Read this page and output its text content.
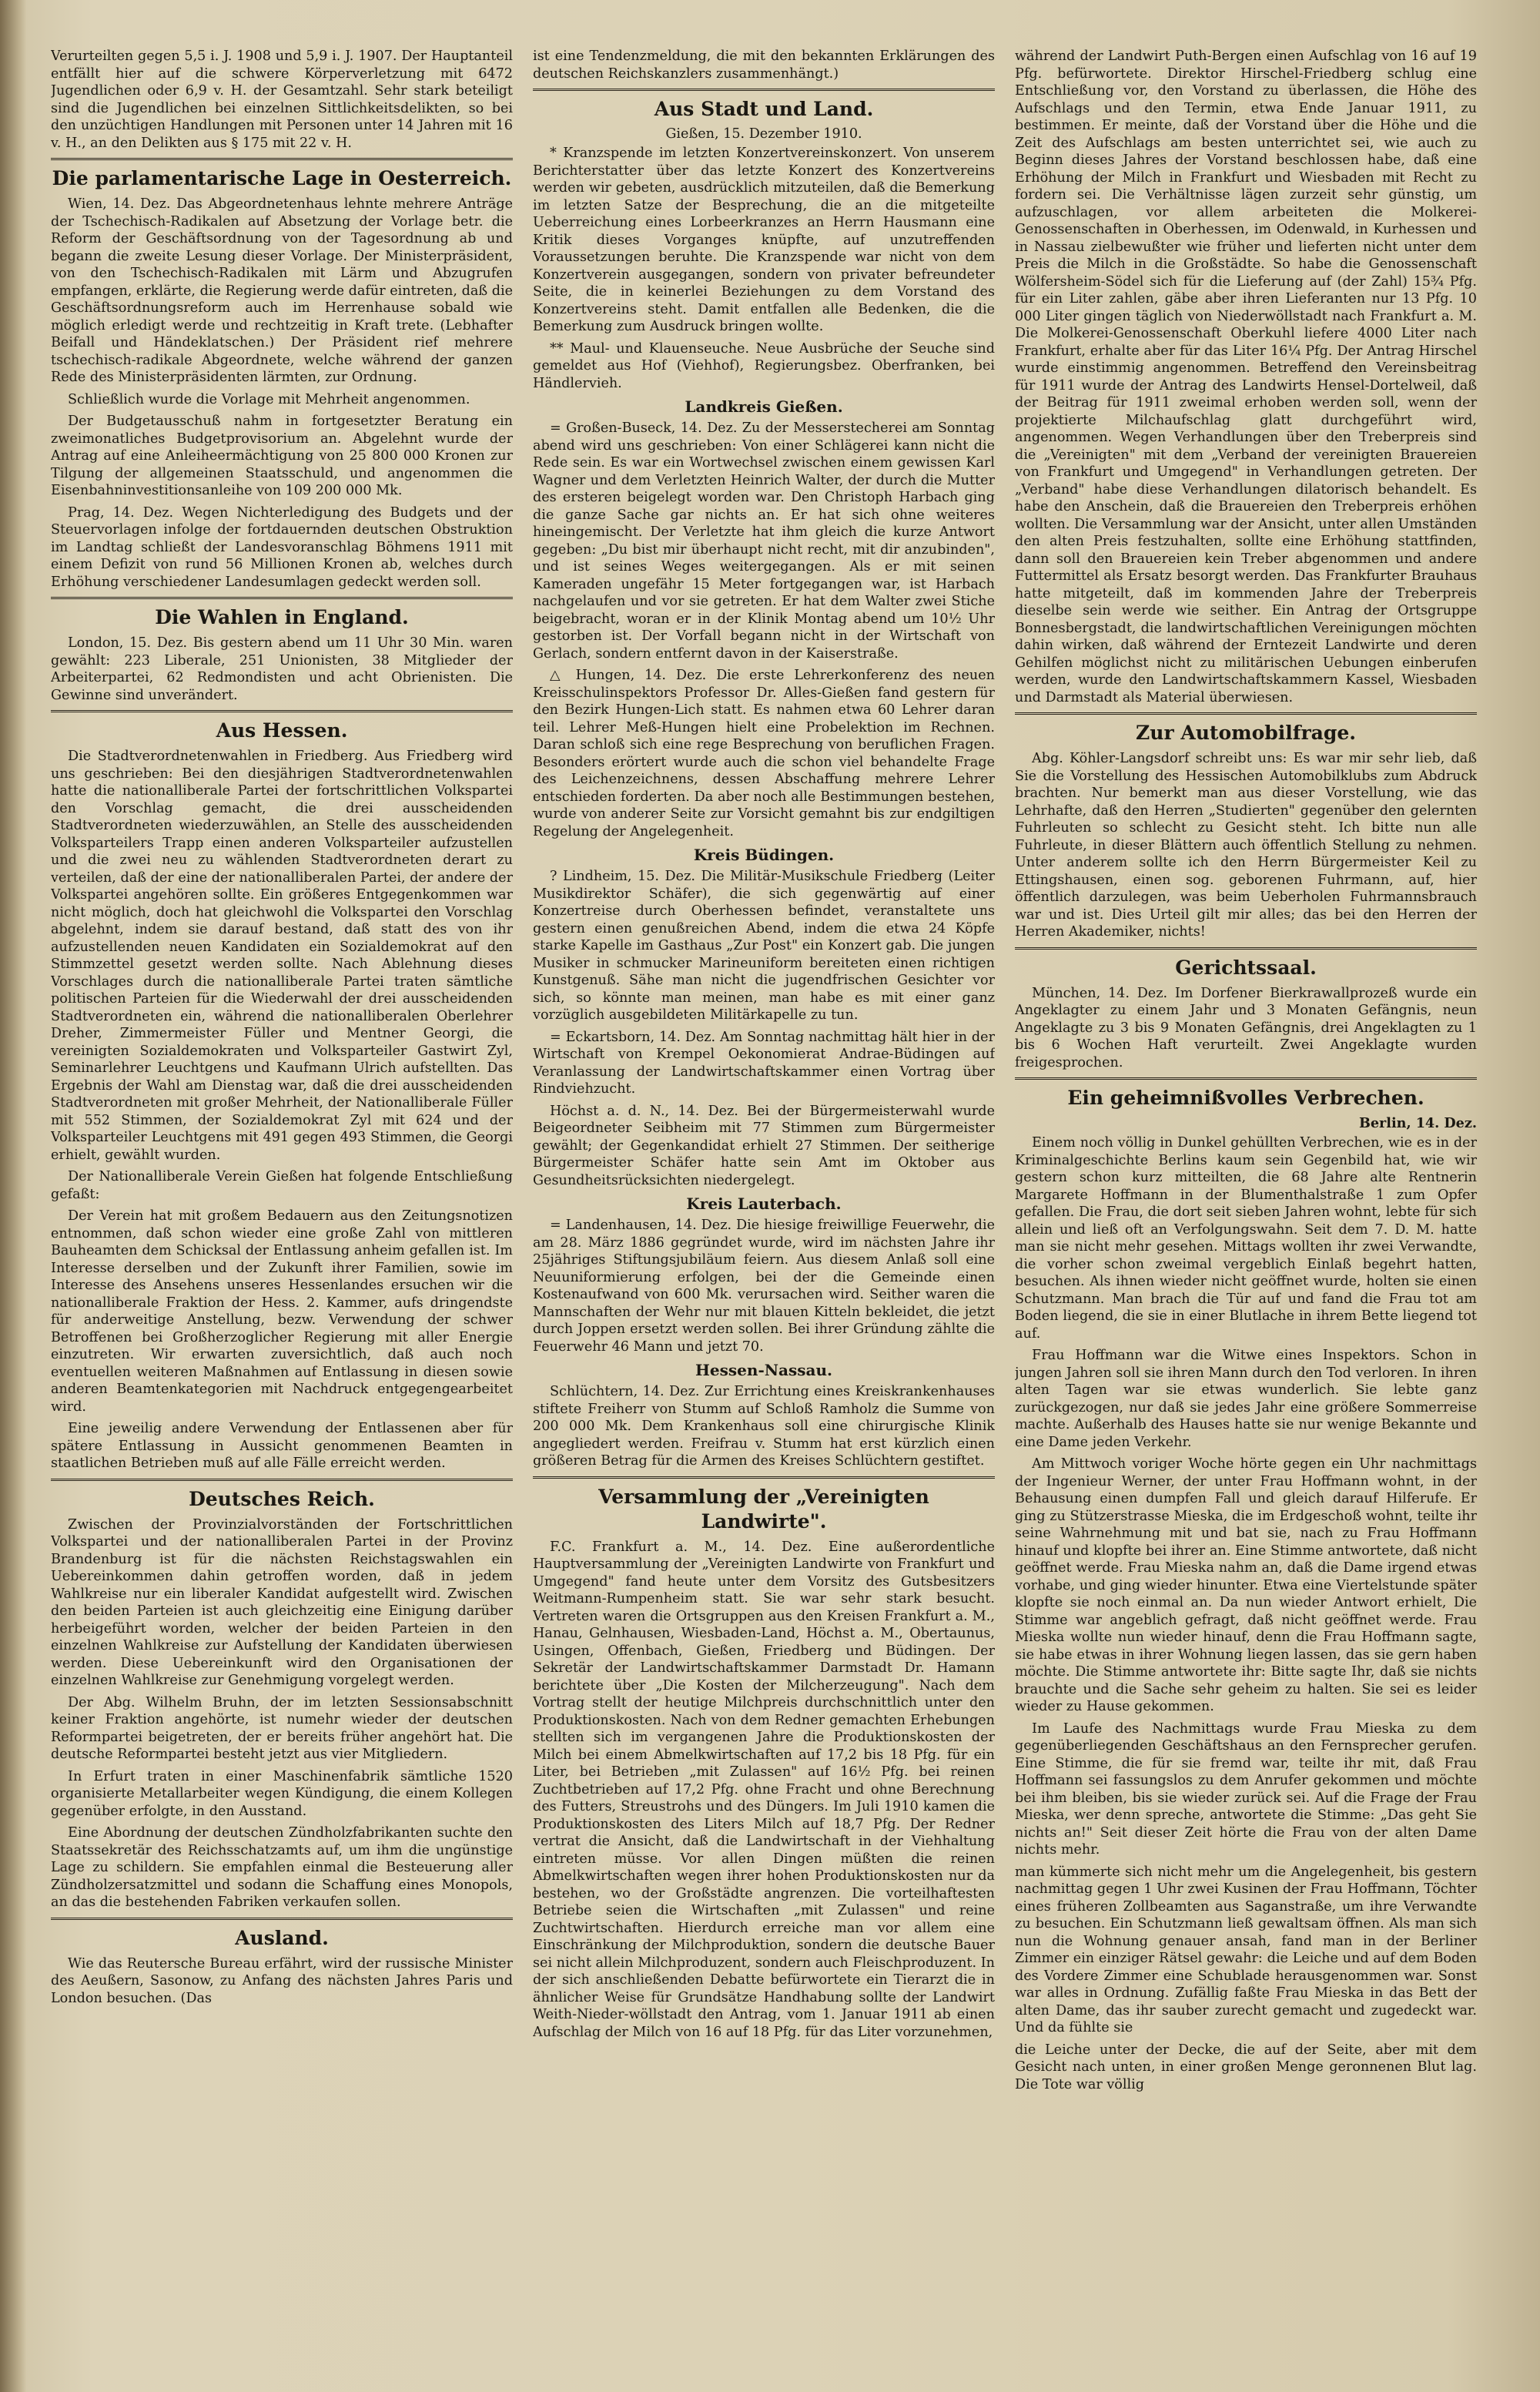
Verurteilten gegen 5,5 i. J. 1908 und 5,9 i. J. 1907. Der Hauptanteil entfällt hier auf die schwere Körperverletzung mit 6472 Jugendlichen oder 6,9 v. H. der Gesamtzahl. Sehr stark beteiligt sind die Jugendlichen bei einzelnen Sittlichkeitsdelikten, so bei den unzüchtigen Handlungen mit Personen unter 14 Jahren mit 16 v. H., an den Delikten aus § 175 mit 22 v. H.

Die parlamentarische Lage in Oesterreich.

Wien, 14. Dez. Das Abgeordnetenhaus lehnte mehrere Anträge der Tschechisch-Radikalen auf Absetzung der Vorlage betr. die Reform der Geschäftsordnung von der Tagesordnung ab und begann die zweite Lesung dieser Vorlage. Der Ministerpräsident, von den Tschechisch-Radikalen mit Lärm und Abzugrufen empfangen, erklärte, die Regierung werde dafür eintreten, daß die Geschäftsordnungsreform auch im Herrenhause sobald wie möglich erledigt werde und rechtzeitig in Kraft trete. (Lebhafter Beifall und Händeklatschen.) Der Präsident rief mehrere tschechisch-radikale Abgeordnete, welche während der ganzen Rede des Ministerpräsidenten lärmten, zur Ordnung.

Schließlich wurde die Vorlage mit Mehrheit angenommen.

Der Budgetausschuß nahm in fortgesetzter Beratung ein zweimonatliches Budgetprovisorium an. Abgelehnt wurde der Antrag auf eine Anleiheermächtigung von 25 800 000 Kronen zur Tilgung der allgemeinen Staatsschuld, und angenommen die Eisenbahninvestitionsanleihe von 109 200 000 Mk.

Prag, 14. Dez. Wegen Nichterledigung des Budgets und der Steuervorlagen infolge der fortdauernden deutschen Obstruktion im Landtag schließt der Landesvoranschlag Böhmens 1911 mit einem Defizit von rund 56 Millionen Kronen ab, welches durch Erhöhung verschiedener Landesumlagen gedeckt werden soll.

Die Wahlen in England.

London, 15. Dez. Bis gestern abend um 11 Uhr 30 Min. waren gewählt: 223 Liberale, 251 Unionisten, 38 Mitglieder der Arbeiterpartei, 62 Redmondisten und acht Obrienisten. Die Gewinne sind unverändert.

Aus Hessen.

Die Stadtverordnetenwahlen in Friedberg. Aus Friedberg wird uns geschrieben: Bei den diesjährigen Stadtverordnetenwahlen hatte die nationalliberale Partei der fortschrittlichen Volkspartei den Vorschlag gemacht, die drei ausscheidenden Stadtverordneten wiederzuwählen, an Stelle des ausscheidenden Volksparteilers Trapp einen anderen Volksparteiler aufzustellen und die zwei neu zu wählenden Stadtverordneten derart zu verteilen, daß der eine der nationalliberalen Partei, der andere der Volkspartei angehören sollte. Ein größeres Entgegenkommen war nicht möglich, doch hat gleichwohl die Volkspartei den Vorschlag abgelehnt, indem sie darauf bestand, daß statt des von ihr aufzustellenden neuen Kandidaten ein Sozialdemokrat auf den Stimmzettel gesetzt werden sollte. Nach Ablehnung dieses Vorschlages durch die nationalliberale Partei traten sämtliche politischen Parteien für die Wiederwahl der drei ausscheidenden Stadtverordneten ein, während die nationalliberalen Oberlehrer Dreher, Zimmermeister Füller und Mentner Georgi, die vereinigten Sozialdemokraten und Volksparteiler Gastwirt Zyl, Seminarlehrer Leuchtgens und Kaufmann Ulrich aufstellten. Das Ergebnis der Wahl am Dienstag war, daß die drei ausscheidenden Stadtverordneten mit großer Mehrheit, der Nationalliberale Füller mit 552 Stimmen, der Sozialdemokrat Zyl mit 624 und der Volksparteiler Leuchtgens mit 491 gegen 493 Stimmen, die Georgi erhielt, gewählt wurden.

Der Nationalliberale Verein Gießen hat folgende Entschließung gefaßt:

Der Verein hat mit großem Bedauern aus den Zeitungsnotizen entnommen, daß schon wieder eine große Zahl von mittleren Bauheamten dem Schicksal der Entlassung anheim gefallen ist. Im Interesse derselben und der Zukunft ihrer Familien, sowie im Interesse des Ansehens unseres Hessenlandes ersuchen wir die nationalliberale Fraktion der Hess. 2. Kammer, aufs dringendste für anderweitige Anstellung, bezw. Verwendung der schwer Betroffenen bei Großherzoglicher Regierung mit aller Energie einzutreten. Wir erwarten zuversichtlich, daß auch noch eventuellen weiteren Maßnahmen auf Entlassung in diesen sowie anderen Beamtenkategorien mit Nachdruck entgegengearbeitet wird.

Eine jeweilig andere Verwendung der Entlassenen aber für spätere Entlassung in Aussicht genommenen Beamten in staatlichen Betrieben muß auf alle Fälle erreicht werden.

Deutsches Reich.

Zwischen der Provinzialvorständen der Fortschrittlichen Volkspartei und der nationalliberalen Partei in der Provinz Brandenburg ist für die nächsten Reichstagswahlen ein Uebereinkommen dahin getroffen worden, daß in jedem Wahlkreise nur ein liberaler Kandidat aufgestellt wird. Zwischen den beiden Parteien ist auch gleichzeitig eine Einigung darüber herbeigeführt worden, welcher der beiden Parteien in den einzelnen Wahlkreise zur Aufstellung der Kandidaten überwiesen werden. Diese Uebereinkunft wird den Organisationen der einzelnen Wahlkreise zur Genehmigung vorgelegt werden.

Der Abg. Wilhelm Bruhn, der im letzten Sessionsabschnitt keiner Fraktion angehörte, ist numehr wieder der deutschen Reformpartei beigetreten, der er bereits früher angehört hat. Die deutsche Reformpartei besteht jetzt aus vier Mitgliedern.

In Erfurt traten in einer Maschinenfabrik sämtliche 1520 organisierte Metallarbeiter wegen Kündigung, die einem Kollegen gegenüber erfolgte, in den Ausstand.

Eine Abordnung der deutschen Zündholzfabrikanten suchte den Staatssekretär des Reichsschatzamts auf, um ihm die ungünstige Lage zu schildern. Sie empfahlen einmal die Besteuerung aller Zündholzersatzmittel und sodann die Schaffung eines Monopols, an das die bestehenden Fabriken verkaufen sollen.

Ausland.

Wie das Reutersche Bureau erfährt, wird der russische Minister des Aeußern, Sasonow, zu Anfang des nächsten Jahres Paris und London besuchen. (Das

ist eine Tendenzmeldung, die mit den bekannten Erklärungen des deutschen Reichskanzlers zusammenhängt.)

Aus Stadt und Land.
Gießen, 15. Dezember 1910.

* Kranzspende im letzten Konzertvereinskonzert. Von unserem Berichterstatter über das letzte Konzert des Konzertvereins werden wir gebeten, ausdrücklich mitzuteilen, daß die Bemerkung im letzten Satze der Besprechung, die an die mitgeteilte Ueberreichung eines Lorbeerkranzes an Herrn Hausmann eine Kritik dieses Vorganges knüpfte, auf unzutreffenden Voraussetzungen beruhte. Die Kranzspende war nicht von dem Konzertverein ausgegangen, sondern von privater befreundeter Seite, die in keinerlei Beziehungen zu dem Vorstand des Konzertvereins steht. Damit entfallen alle Bedenken, die die Bemerkung zum Ausdruck bringen wollte.

** Maul- und Klauenseuche. Neue Ausbrüche der Seuche sind gemeldet aus Hof (Viehhof), Regierungsbez. Oberfranken, bei Händlervieh.

Landkreis Gießen.

= Großen-Buseck, 14. Dez. Zu der Messerstecherei am Sonntag abend wird uns geschrieben: Von einer Schlägerei kann nicht die Rede sein. Es war ein Wortwechsel zwischen einem gewissen Karl Wagner und dem Verletzten Heinrich Walter, der durch die Mutter des ersteren beigelegt worden war. Den Christoph Harbach ging die ganze Sache gar nichts an. Er hat sich ohne weiteres hineingemischt. Der Verletzte hat ihm gleich die kurze Antwort gegeben: „Du bist mir überhaupt nicht recht, mit dir anzubinden", und ist seines Weges weitergegangen. Als er mit seinen Kameraden ungefähr 15 Meter fortgegangen war, ist Harbach nachgelaufen und vor sie getreten. Er hat dem Walter zwei Stiche beigebracht, woran er in der Klinik Montag abend um 10½ Uhr gestorben ist. Der Vorfall begann nicht in der Wirtschaft von Gerlach, sondern entfernt davon in der Kaiserstraße.

△ Hungen, 14. Dez. Die erste Lehrerkonferenz des neuen Kreisschulinspektors Professor Dr. Alles-Gießen fand gestern für den Bezirk Hungen-Lich statt. Es nahmen etwa 60 Lehrer daran teil. Lehrer Meß-Hungen hielt eine Probelektion im Rechnen. Daran schloß sich eine rege Besprechung von beruflichen Fragen. Besonders erörtert wurde auch die schon viel behandelte Frage des Leichenzeichnens, dessen Abschaffung mehrere Lehrer entschieden forderten. Da aber noch alle Bestimmungen bestehen, wurde von anderer Seite zur Vorsicht gemahnt bis zur endgiltigen Regelung der Angelegenheit.

Kreis Büdingen.

? Lindheim, 15. Dez. Die Militär-Musikschule Friedberg (Leiter Musikdirektor Schäfer), die sich gegenwärtig auf einer Konzertreise durch Oberhessen befindet, veranstaltete uns gestern einen genußreichen Abend, indem die etwa 24 Köpfe starke Kapelle im Gasthaus „Zur Post" ein Konzert gab. Die jungen Musiker in schmucker Marineuniform bereiteten einen richtigen Kunstgenuß. Sähe man nicht die jugendfrischen Gesichter vor sich, so könnte man meinen, man habe es mit einer ganz vorzüglich ausgebildeten Militärkapelle zu tun.

= Eckartsborn, 14. Dez. Am Sonntag nachmittag hält hier in der Wirtschaft von Krempel Oekonomierat Andrae-Büdingen auf Veranlassung der Landwirtschaftskammer einen Vortrag über Rindviehzucht.

Höchst a. d. N., 14. Dez. Bei der Bürgermeisterwahl wurde Beigeordneter Seibheim mit 77 Stimmen zum Bürgermeister gewählt; der Gegenkandidat erhielt 27 Stimmen. Der seitherige Bürgermeister Schäfer hatte sein Amt im Oktober aus Gesundheitsrücksichten niedergelegt.

Kreis Lauterbach.

= Landenhausen, 14. Dez. Die hiesige freiwillige Feuerwehr, die am 28. März 1886 gegründet wurde, wird im nächsten Jahre ihr 25jähriges Stiftungsjubiläum feiern. Aus diesem Anlaß soll eine Neuuniformierung erfolgen, bei der die Gemeinde einen Kostenaufwand von 600 Mk. verursachen wird. Seither waren die Mannschaften der Wehr nur mit blauen Kitteln bekleidet, die jetzt durch Joppen ersetzt werden sollen. Bei ihrer Gründung zählte die Feuerwehr 46 Mann und jetzt 70.

Hessen-Nassau.

Schlüchtern, 14. Dez. Zur Errichtung eines Kreiskrankenhauses stiftete Freiherr von Stumm auf Schloß Ramholz die Summe von 200 000 Mk. Dem Krankenhaus soll eine chirurgische Klinik angegliedert werden. Freifrau v. Stumm hat erst kürzlich einen größeren Betrag für die Armen des Kreises Schlüchtern gestiftet.

Versammlung der „Vereinigten Landwirte".

F.C. Frankfurt a. M., 14. Dez. Eine außerordentliche Hauptversammlung der „Vereinigten Landwirte von Frankfurt und Umgegend" fand heute unter dem Vorsitz des Gutsbesitzers Weitmann-Rumpenheim statt. Sie war sehr stark besucht. Vertreten waren die Ortsgruppen aus den Kreisen Frankfurt a. M., Hanau, Gelnhausen, Wiesbaden-Land, Höchst a. M., Obertaunus, Usingen, Offenbach, Gießen, Friedberg und Büdingen. Der Sekretär der Landwirtschaftskammer Darmstadt Dr. Hamann berichtete über „Die Kosten der Milcherzeugung". Nach dem Vortrag stellt der heutige Milchpreis durchschnittlich unter den Produktionskosten. Nach von dem Redner gemachten Erhebungen stellten sich im vergangenen Jahre die Produktionskosten der Milch bei einem Abmelkwirtschaften auf 17,2 bis 18 Pfg. für ein Liter, bei Betrieben „mit Zulassen" auf 16½ Pfg. bei reinen Zuchtbetrieben auf 17,2 Pfg. ohne Fracht und ohne Berechnung des Futters, Streustrohs und des Düngers. Im Juli 1910 kamen die Produktionskosten des Liters Milch auf 18,7 Pfg. Der Redner vertrat die Ansicht, daß die Landwirtschaft in der Viehhaltung eintreten müsse. Vor allen Dingen müßten die reinen Abmelkwirtschaften wegen ihrer hohen Produktionskosten nur da bestehen, wo der Großstädte angrenzen. Die vorteilhaftesten Betriebe seien die Wirtschaften „mit Zulassen" und reine Zuchtwirtschaften. Hierdurch erreiche man vor allem eine Einschränkung der Milchproduktion, sondern die deutsche Bauer sei nicht allein Milchproduzent, sondern auch Fleischproduzent. In der sich anschließenden Debatte befürwortete ein Tierarzt die in ähnlicher Weise für Grundsätze Handhabung sollte der Landwirt Weith-Nieder-wöllstadt den Antrag, vom 1. Januar 1911 ab einen Aufschlag der Milch von 16 auf 18 Pfg. für das Liter vorzunehmen,

während der Landwirt Puth-Bergen einen Aufschlag von 16 auf 19 Pfg. befürwortete. Direktor Hirschel-Friedberg schlug eine Entschließung vor, den Vorstand zu überlassen, die Höhe des Aufschlags und den Termin, etwa Ende Januar 1911, zu bestimmen. Er meinte, daß der Vorstand über die Höhe und die Zeit des Aufschlags am besten unterrichtet sei, wie auch zu Beginn dieses Jahres der Vorstand beschlossen habe, daß eine Erhöhung der Milch in Frankfurt und Wiesbaden mit Recht zu fordern sei. Die Verhältnisse lägen zurzeit sehr günstig, um aufzuschlagen, vor allem arbeiteten die Molkerei-Genossenschaften in Oberhessen, im Odenwald, in Kurhessen und in Nassau zielbewußter wie früher und lieferten nicht unter dem Preis die Milch in die Großstädte. So habe die Genossenschaft Wölfersheim-Södel sich für die Lieferung auf (der Zahl) 15¾ Pfg. für ein Liter zahlen, gäbe aber ihren Lieferanten nur 13 Pfg. 10 000 Liter gingen täglich von Niederwöllstadt nach Frankfurt a. M. Die Molkerei-Genossenschaft Oberkuhl liefere 4000 Liter nach Frankfurt, erhalte aber für das Liter 16¼ Pfg. Der Antrag Hirschel wurde einstimmig angenommen. Betreffend den Vereinsbeitrag für 1911 wurde der Antrag des Landwirts Hensel-Dortelweil, daß der Beitrag für 1911 zweimal erhoben werden soll, wenn der projektierte Milchaufschlag glatt durchgeführt wird, angenommen. Wegen Verhandlungen über den Treberpreis sind die „Vereinigten" mit dem „Verband der vereinigten Brauereien von Frankfurt und Umgegend" in Verhandlungen getreten. Der „Verband" habe diese Verhandlungen dilatorisch behandelt. Es habe den Anschein, daß die Brauereien den Treberpreis erhöhen wollten. Die Versammlung war der Ansicht, unter allen Umständen den alten Preis festzuhalten, sollte eine Erhöhung stattfinden, dann soll den Brauereien kein Treber abgenommen und andere Futtermittel als Ersatz besorgt werden. Das Frankfurter Brauhaus hatte mitgeteilt, daß im kommenden Jahre der Treberpreis dieselbe sein werde wie seither. Ein Antrag der Ortsgruppe Bonnesbergstadt, die landwirtschaftlichen Vereinigungen möchten dahin wirken, daß während der Erntezeit Landwirte und deren Gehilfen möglichst nicht zu militärischen Uebungen einberufen werden, wurde den Landwirtschaftskammern Kassel, Wiesbaden und Darmstadt als Material überwiesen.

Zur Automobilfrage.

Abg. Köhler-Langsdorf schreibt uns: Es war mir sehr lieb, daß Sie die Vorstellung des Hessischen Automobilklubs zum Abdruck brachten. Nur bemerkt man aus dieser Vorstellung, wie das Lehrhafte, daß den Herren „Studierten" gegenüber den gelernten Fuhrleuten so schlecht zu Gesicht steht. Ich bitte nun alle Fuhrleute, in dieser Blättern auch öffentlich Stellung zu nehmen. Unter anderem sollte ich den Herrn Bürgermeister Keil zu Ettingshausen, einen sog. geborenen Fuhrmann, auf, hier öffentlich darzulegen, was beim Ueberholen Fuhrmannsbrauch war und ist. Dies Urteil gilt mir alles; das bei den Herren der Herren Akademiker, nichts!

Gerichtssaal.

München, 14. Dez. Im Dorfener Bierkrawallprozeß wurde ein Angeklagter zu einem Jahr und 3 Monaten Gefängnis, neun Angeklagte zu 3 bis 9 Monaten Gefängnis, drei Angeklagten zu 1 bis 6 Wochen Haft verurteilt. Zwei Angeklagte wurden freigesprochen.

Ein geheimnißvolles Verbrechen.
Berlin, 14. Dez.

Einem noch völlig in Dunkel gehüllten Verbrechen, wie es in der Kriminalgeschichte Berlins kaum sein Gegenbild hat, wie wir gestern schon kurz mitteilten, die 68 Jahre alte Rentnerin Margarete Hoffmann in der Blumenthalstraße 1 zum Opfer gefallen. Die Frau, die dort seit sieben Jahren wohnt, lebte für sich allein und ließ oft an Verfolgungswahn. Seit dem 7. D. M. hatte man sie nicht mehr gesehen. Mittags wollten ihr zwei Verwandte, die vorher schon zweimal vergeblich Einlaß begehrt hatten, besuchen. Als ihnen wieder nicht geöffnet wurde, holten sie einen Schutzmann. Man brach die Tür auf und fand die Frau tot am Boden liegend, die sie in einer Blutlache in ihrem Bette liegend tot auf.

Frau Hoffmann war die Witwe eines Inspektors. Schon in jungen Jahren soll sie ihren Mann durch den Tod verloren. In ihren alten Tagen war sie etwas wunderlich. Sie lebte ganz zurückgezogen, nur daß sie jedes Jahr eine größere Sommerreise machte. Außerhalb des Hauses hatte sie nur wenige Bekannte und eine Dame jeden Verkehr.

Am Mittwoch voriger Woche hörte gegen ein Uhr nachmittags der Ingenieur Werner, der unter Frau Hoffmann wohnt, in der Behausung einen dumpfen Fall und gleich darauf Hilferufe. Er ging zu Stützerstrasse Mieska, die im Erdgeschoß wohnt, teilte ihr seine Wahrnehmung mit und bat sie, nach zu Frau Hoffmann hinauf und klopfte bei ihrer an. Eine Stimme antwortete, daß nicht geöffnet werde. Frau Mieska nahm an, daß die Dame irgend etwas vorhabe, und ging wieder hinunter. Etwa eine Viertelstunde später klopfte sie noch einmal an. Da nun wieder Antwort erhielt, Die Stimme war angeblich gefragt, daß nicht geöffnet werde. Frau Mieska wollte nun wieder hinauf, denn die Frau Hoffmann sagte, sie habe etwas in ihrer Wohnung liegen lassen, das sie gern haben möchte. Die Stimme antwortete ihr: Bitte sagte Ihr, daß sie nichts brauchte und die Sache sehr geheim zu halten. Sie sei es leider wieder zu Hause gekommen.

Im Laufe des Nachmittags wurde Frau Mieska zu dem gegenüberliegenden Geschäftshaus an den Fernsprecher gerufen. Eine Stimme, die für sie fremd war, teilte ihr mit, daß Frau Hoffmann sei fassungslos zu dem Anrufer gekommen und möchte bei ihm bleiben, bis sie wieder zurück sei. Auf die Frage der Frau Mieska, wer denn spreche, antwortete die Stimme: „Das geht Sie nichts an!" Seit dieser Zeit hörte die Frau von der alten Dame nichts mehr.

man kümmerte sich nicht mehr um die Angelegenheit, bis gestern nachmittag gegen 1 Uhr zwei Kusinen der Frau Hoffmann, Töchter eines früheren Zollbeamten aus Saganstraße, um ihre Verwandte zu besuchen. Ein Schutzmann ließ gewaltsam öffnen. Als man sich nun die Wohnung genauer ansah, fand man in der Berliner Zimmer ein einziger Rätsel gewahr: die Leiche und auf dem Boden des Vordere Zimmer eine Schublade herausgenommen war. Sonst war alles in Ordnung. Zufällig faßte Frau Mieska in das Bett der alten Dame, das ihr sauber zurecht gemacht und zugedeckt war. Und da fühlte sie

die Leiche unter der Decke, die auf der Seite, aber mit dem Gesicht nach unten, in einer großen Menge geronnenen Blut lag. Die Tote war völlig
